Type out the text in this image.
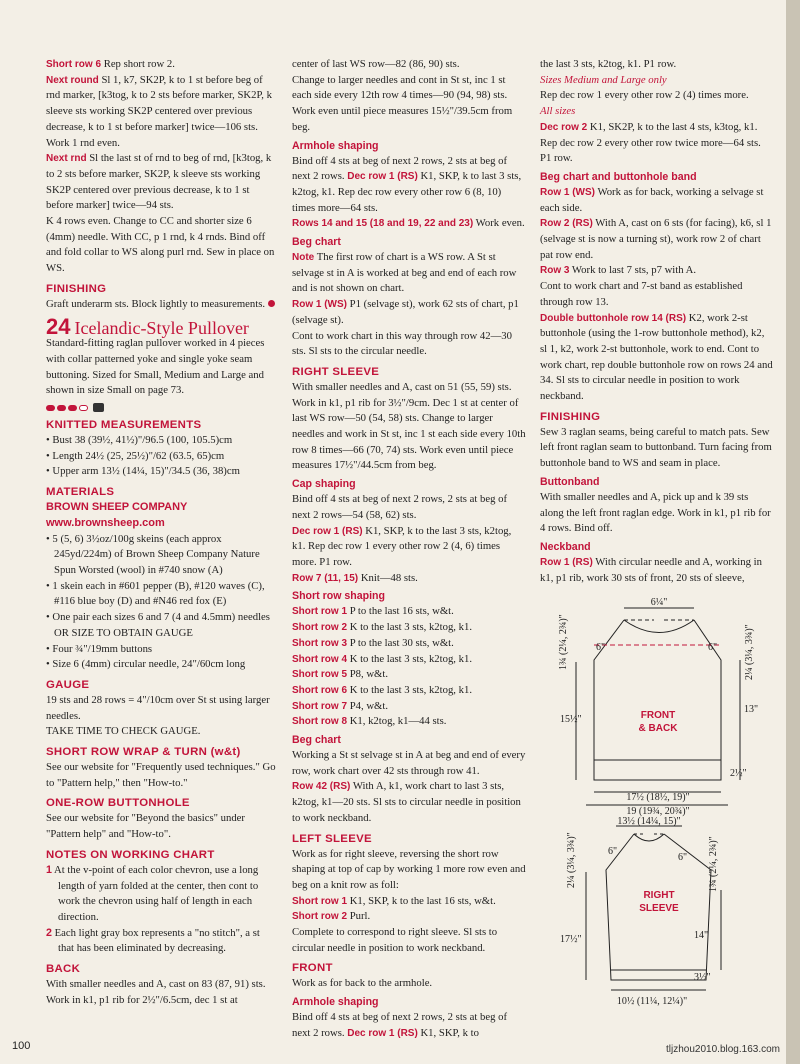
Short row 6 Rep short row 2.

Next round Sl 1, k7, SK2P, k to 1 st before beg of rnd marker, [k3tog, k to 2 sts before marker, SK2P, k sleeve sts working SK2P centered over previous decrease, k to 1 st before marker] twice—106 sts. Work 1 rnd even.

Next rnd Sl the last st of rnd to beg of rnd, [k3tog, k to 2 sts before marker, SK2P, k sleeve sts working SK2P centered over previous decrease, k to 1 st before marker] twice—94 sts.

K 4 rows even. Change to CC and shorter size 6 (4mm) needle. With CC, p 1 rnd, k 4 rnds. Bind off and fold collar to WS along purl rnd. Sew in place on WS.

FINISHING

Graft underarm sts. Block lightly to measurements.

24 Icelandic-Style Pullover

Standard-fitting raglan pullover worked in 4 pieces with collar patterned yoke and single yoke seam buttoning. Sized for Small, Medium and Large and shown in size Small on page 73.

KNITTED MEASUREMENTS

• Bust 38 (39½, 41½)"/96.5 (100, 105.5)cm

• Length 24½ (25, 25½)"/62 (63.5, 65)cm

• Upper arm 13½ (14¼, 15)"/34.5 (36, 38)cm

MATERIALS
BROWN SHEEP COMPANY
www.brownsheep.com

• 5 (5, 6) 3½oz/100g skeins (each approx 245yd/224m) of Brown Sheep Company Nature Spun Worsted (wool) in #740 snow (A)

• 1 skein each in #601 pepper (B), #120 waves (C), #116 blue boy (D) and #N46 red fox (E)

• One pair each sizes 6 and 7 (4 and 4.5mm) needles OR SIZE TO OBTAIN GAUGE

• Four ¾"/19mm buttons

• Size 6 (4mm) circular needle, 24"/60cm long

GAUGE

19 sts and 28 rows = 4"/10cm over St st using larger needles.

TAKE TIME TO CHECK GAUGE.

SHORT ROW WRAP & TURN (w&t)

See our website for "Frequently used techniques." Go to "Pattern help," then "How-to."

ONE-ROW BUTTONHOLE

See our website for "Beyond the basics" under "Pattern help" and "How-to".

NOTES ON WORKING CHART

1 At the v-point of each color chevron, use a long length of yarn folded at the center, then cont to work the chevron using half of length in each direction.

2 Each light gray box represents a "no stitch", a st that has been eliminated by decreasing.

BACK

With smaller needles and A, cast on 83 (87, 91) sts. Work in k1, p1 rib for 2½"/6.5cm, dec 1 st at

center of last WS row—82 (86, 90) sts.

Change to larger needles and cont in St st, inc 1 st each side every 12th row 4 times—90 (94, 98) sts. Work even until piece measures 15½"/39.5cm from beg.

Armhole shaping

Bind off 4 sts at beg of next 2 rows, 2 sts at beg of next 2 rows. Dec row 1 (RS) K1, SKP, k to last 3 sts, k2tog, k1. Rep dec row every other row 6 (8, 10) times more—64 sts.

Rows 14 and 15 (18 and 19, 22 and 23) Work even.

Beg chart

Note The first row of chart is a WS row. A St st selvage st in A is worked at beg and end of each row and is not shown on chart.

Row 1 (WS) P1 (selvage st), work 62 sts of chart, p1 (selvage st).

Cont to work chart in this way through row 42—30 sts. Sl sts to the circular needle.

RIGHT SLEEVE

With smaller needles and A, cast on 51 (55, 59) sts. Work in k1, p1 rib for 3½"/9cm. Dec 1 st at center of last WS row—50 (54, 58) sts. Change to larger needles and work in St st, inc 1 st each side every 10th row 8 times—66 (70, 74) sts. Work even until piece measures 17½"/44.5cm from beg.

Cap shaping

Bind off 4 sts at beg of next 2 rows, 2 sts at beg of next 2 rows—54 (58, 62) sts.

Dec row 1 (RS) K1, SKP, k to the last 3 sts, k2tog, k1. Rep dec row 1 every other row 2 (4, 6) times more. P1 row.

Row 7 (11, 15) Knit—48 sts.

Short row shaping

Short row 1 P to the last 16 sts, w&t.

Short row 2 K to the last 3 sts, k2tog, k1.

Short row 3 P to the last 30 sts, w&t.

Short row 4 K to the last 3 sts, k2tog, k1.

Short row 5 P8, w&t.

Short row 6 K to the last 3 sts, k2tog, k1.

Short row 7 P4, w&t.

Short row 8 K1, k2tog, k1—44 sts.

Beg chart

Working a St st selvage st in A at beg and end of every row, work chart over 42 sts through row 41.

Row 42 (RS) With A, k1, work chart to last 3 sts, k2tog, k1—20 sts. Sl sts to circular needle in position to work neckband.

LEFT SLEEVE

Work as for right sleeve, reversing the short row shaping at top of cap by working 1 more row even and beg on a knit row as foll:

Short row 1 K1, SKP, k to the last 16 sts, w&t.

Short row 2 Purl.

Complete to correspond to right sleeve. Sl sts to circular needle in position to work neckband.

FRONT

Work as for back to the armhole.

Armhole shaping

Bind off 4 sts at beg of next 2 rows, 2 sts at beg of next 2 rows. Dec row 1 (RS) K1, SKP, k to

the last 3 sts, k2tog, k1. P1 row.

Sizes Medium and Large only

Rep dec row 1 every other row 2 (4) times more.

All sizes

Dec row 2 K1, SK2P, k to the last 4 sts, k3tog, k1. Rep dec row 2 every other row twice more—64 sts. P1 row.

Beg chart and buttonhole band

Row 1 (WS) Work as for back, working a selvage st each side.

Row 2 (RS) With A, cast on 6 sts (for facing), k6, sl 1 (selvage st is now a turning st), work row 2 of chart pat row end.

Row 3 Work to last 7 sts, p7 with A.

Cont to work chart and 7-st band as established through row 13.

Double buttonhole row 14 (RS) K2, work 2-st buttonhole (using the 1-row buttonhole method), k2, sl 1, k2, work 2-st buttonhole, work to end. Cont to work chart, rep double buttonhole row on rows 24 and 34. Sl sts to circular needle in position to work neckband.

FINISHING

Sew 3 raglan seams, being careful to match pats. Sew left front raglan seam to buttonband. Turn facing from buttonhole band to WS and seam in place.

Buttonband

With smaller needles and A, pick up and k 39 sts along the left front raglan edge. Work in k1, p1 rib for 4 rows. Bind off.

Neckband

Row 1 (RS) With circular needle and A, working in k1, p1 rib, work 30 sts of front, 20 sts of sleeve,

6¼"
6"	6"
1¾ (2¼, 2¾)"	2¼ (3¼, 3¾)"
FRONT
& BACK
15½"
13"
2½"
17½ (18½, 19)"
19 (19¾, 20¾)"
13½ (14¼, 15)"
6"
6"
2¼ (3¼, 3¾)"	1¾ (2¼, 2¾)"
RIGHT
SLEEVE
17½"	14"
3½"
10½ (11¼, 12¼)"
100	tljzhou2010.blog.163.com
